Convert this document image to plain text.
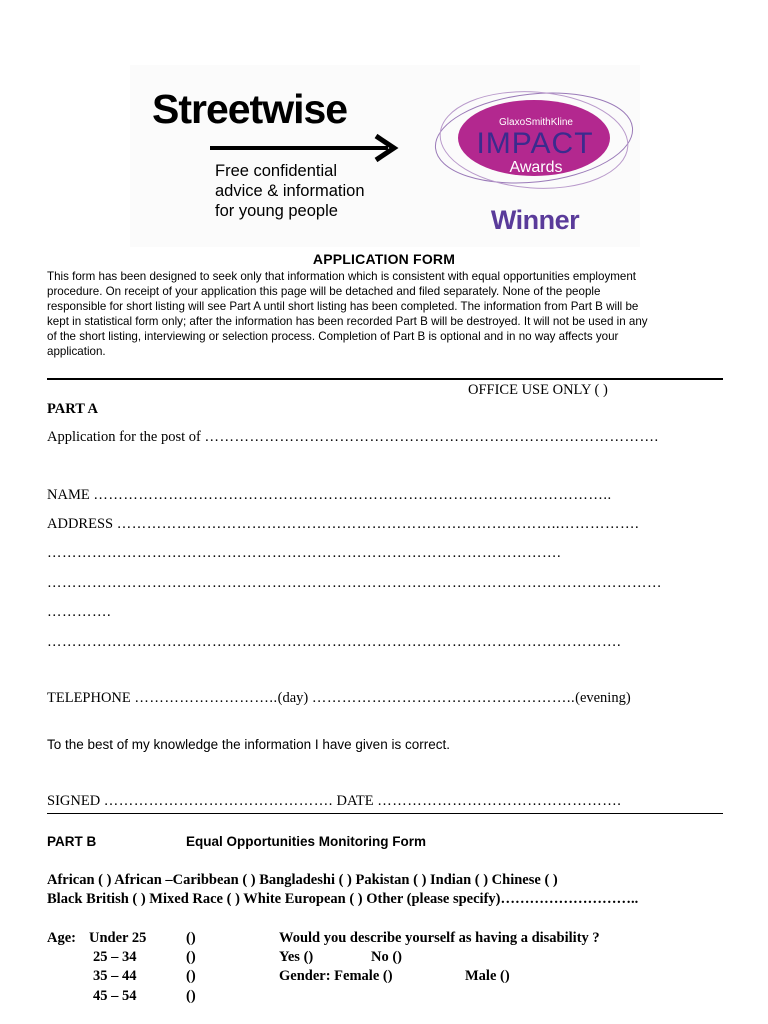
Streetwise
Free confidential
advice & information
for young people
GlaxoSmithKline
IMPACT
Awards
Winner
APPLICATION FORM
This form has been designed to seek only that information which is consistent with equal opportunities employment
procedure. On receipt of your application this page will be detached and filed separately. None of the people
responsible for short listing will see Part A until short listing has been completed. The information from Part B will be
kept in statistical form only; after the information has been recorded Part B will be destroyed. It will not be used in any
of the short listing, interviewing or selection process. Completion of Part B is optional and in no way affects your
application.
OFFICE USE ONLY ( )
PART A
Application for the post of ……………………………………………………………………………….
NAME …………………………………………………………………………………………..
ADDRESS ……………………………………………………………………………..…………….
………………………………………………………………………………………….
……………………………………………………………………………………………………………
………….
…………………………………………………………………………………………………….
TELEPHONE ………………………..(day) ……………………………………………..(evening)
To the best of my knowledge the information I have given is correct.
SIGNED ………………………………………. DATE ………………………………………….
PART B	Equal Opportunities Monitoring Form
African ( ) African –Caribbean ( ) Bangladeshi ( ) Pakistan ( ) Indian ( ) Chinese ( )
Black British ( ) Mixed Race ( ) White European ( ) Other (please specify)………………………..
Age: Under 25	()
25 – 34	()
35 – 44	()
45 – 54	()
Would you describe yourself as having a disability ?
Yes ()	No ()
Gender: Female ()	Male ()
